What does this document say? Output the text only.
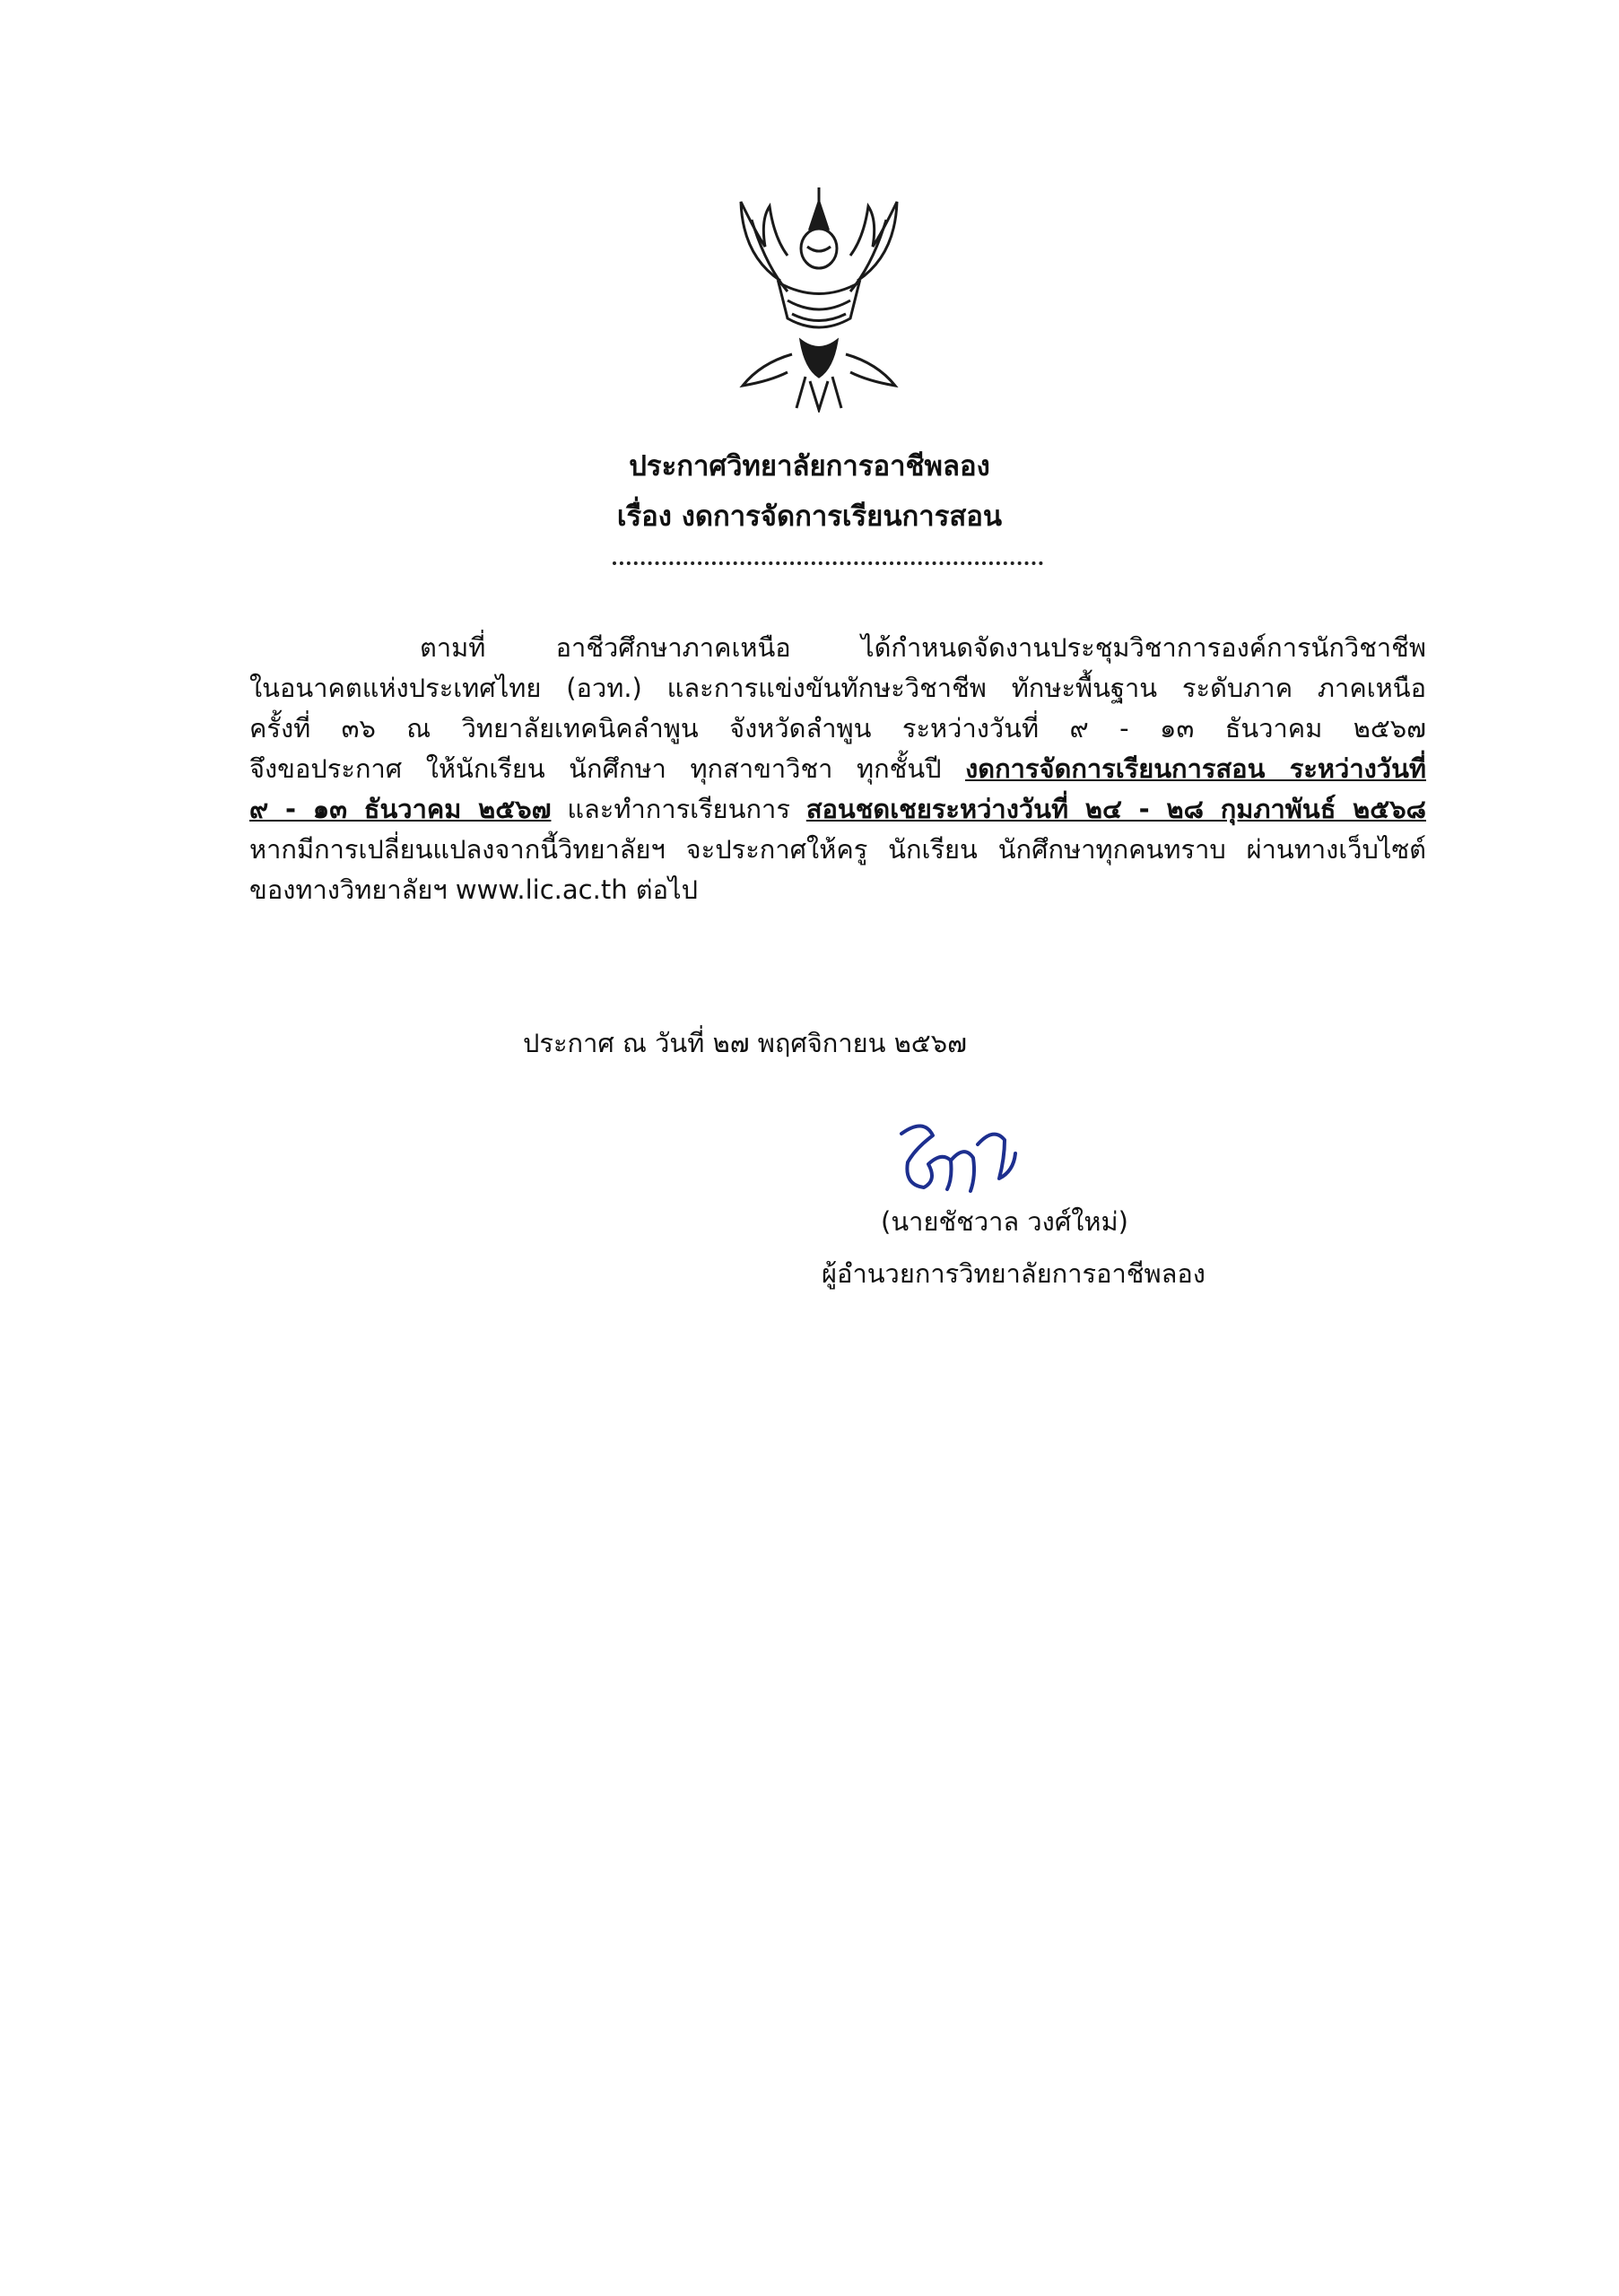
ประกาศวิทยาลัยการอาชีพลอง
เรื่อง งดการจัดการเรียนการสอน
ตามที่ อาชีวศึกษาภาคเหนือ ได้กำหนดจัดงานประชุมวิชาการองค์การนักวิชาชีพ
ในอนาคตแห่งประเทศไทย (อวท.) และการแข่งขันทักษะวิชาชีพ ทักษะพื้นฐาน ระดับภาค ภาคเหนือ
ครั้งที่ ๓๖ ณ วิทยาลัยเทคนิคลำพูน จังหวัดลำพูน ระหว่างวันที่ ๙ - ๑๓ ธันวาคม ๒๕๖๗
จึงขอประกาศ ให้นักเรียน นักศึกษา ทุกสาขาวิชา ทุกชั้นปี งดการจัดการเรียนการสอน ระหว่างวันที่
๙ - ๑๓ ธันวาคม ๒๕๖๗ และทำการเรียนการ สอนชดเชยระหว่างวันที่ ๒๔ - ๒๘ กุมภาพันธ์ ๒๕๖๘
หากมีการเปลี่ยนแปลงจากนี้วิทยาลัยฯ จะประกาศให้ครู นักเรียน นักศึกษาทุกคนทราบ ผ่านทางเว็บไซต์
ของทางวิทยาลัยฯ www.lic.ac.th ต่อไป
ประกาศ ณ วันที่ ๒๗ พฤศจิกายน ๒๕๖๗
(นายชัชวาล วงศ์ใหม่)
ผู้อำนวยการวิทยาลัยการอาชีพลอง
